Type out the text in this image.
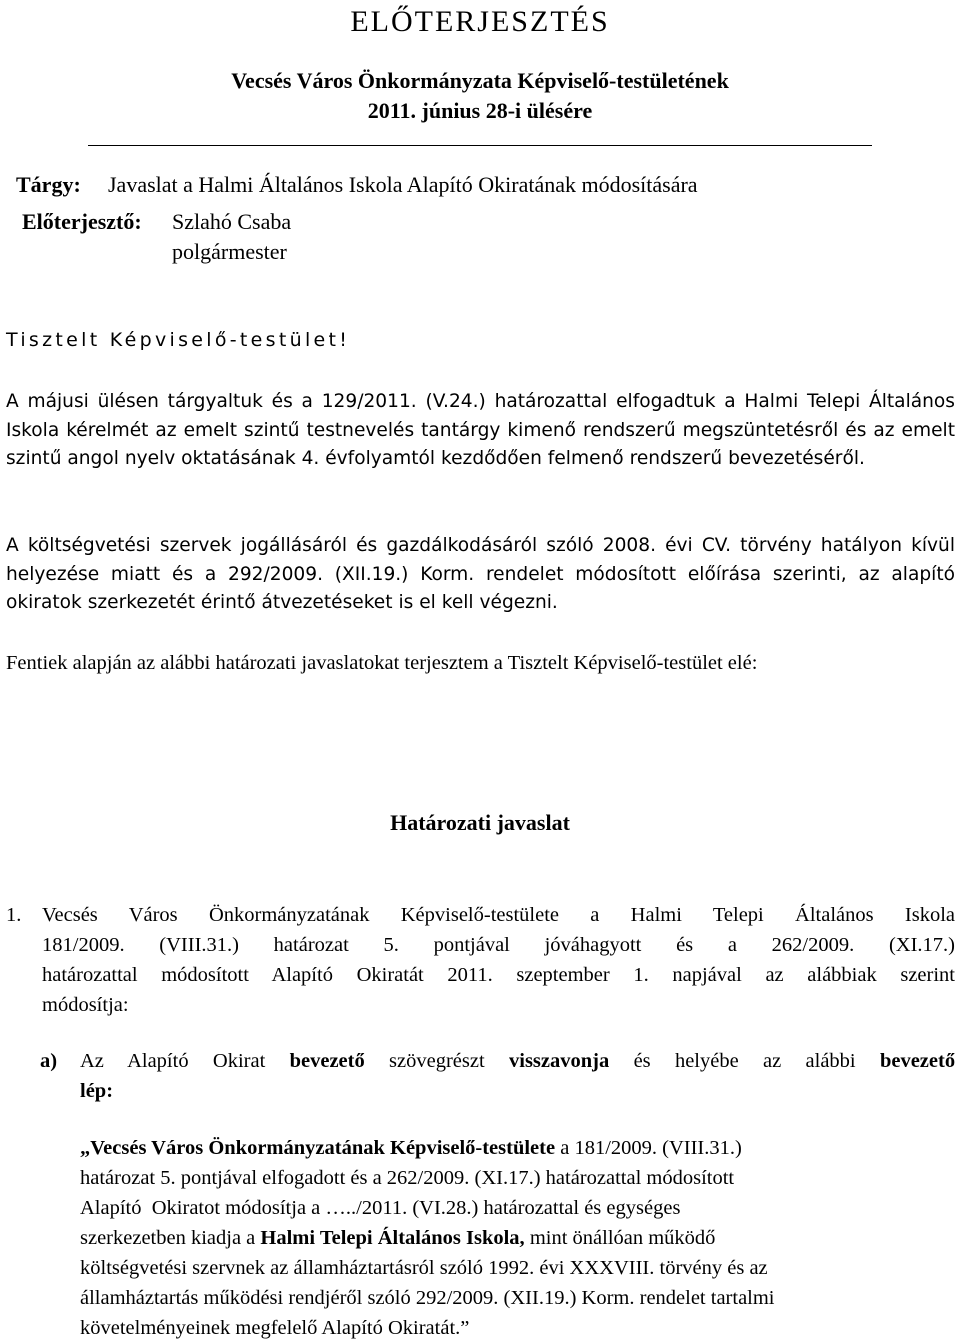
ELŐTERJESZTÉS
Vecsés Város Önkormányzata Képviselő-testületének
2011. június 28-i ülésére
Tárgy: Javaslat a Halmi Általános Iskola Alapító Okiratának módosítására
Előterjesztő: Szlahó Csaba
polgármester
Tisztelt Képviselő-testület!
A májusi ülésen tárgyaltuk és a 129/2011. (V.24.) határozattal elfogadtuk a Halmi Telepi Általános Iskola kérelmét az emelt szintű testnevelés tantárgy kimenő rendszerű megszüntetésről és az emelt szintű angol nyelv oktatásának 4. évfolyamtól kezdődően felmenő rendszerű bevezetéséről.
A költségvetési szervek jogállásáról és gazdálkodásáról szóló 2008. évi CV. törvény hatályon kívül helyezése miatt és a 292/2009. (XII.19.) Korm. rendelet módosított előírása szerinti, az alapító okiratok szerkezetét érintő átvezetéseket is el kell végezni.
Fentiek alapján az alábbi határozati javaslatokat terjesztem a Tisztelt Képviselő-testület elé:
Határozati javaslat
1. Vecsés Város Önkormányzatának Képviselő-testülete a Halmi Telepi Általános Iskola
181/2009. (VIII.31.) határozat 5. pontjával jóváhagyott és a 262/2009. (XI.17.)
határozattal módosított Alapító Okiratát 2011. szeptember 1. napjával az alábbiak szerint
módosítja:
a) Az Alapító Okirat bevezető szövegrészt visszavonja és helyébe az alábbi bevezető
lép:
„Vecsés Város Önkormányzatának Képviselő-testülete a 181/2009. (VIII.31.)
határozat 5. pontjával elfogadott és a 262/2009. (XI.17.) határozattal módosított
Alapító  Okiratot módosítja a …../2011. (VI.28.) határozattal és egységes
szerkezetben kiadja a Halmi Telepi Általános Iskola, mint önállóan működő
költségvetési szervnek az államháztartásról szóló 1992. évi XXXVIII. törvény és az
államháztartás működési rendjéről szóló 292/2009. (XII.19.) Korm. rendelet tartalmi
követelményeinek megfelelő Alapító Okiratát.”
